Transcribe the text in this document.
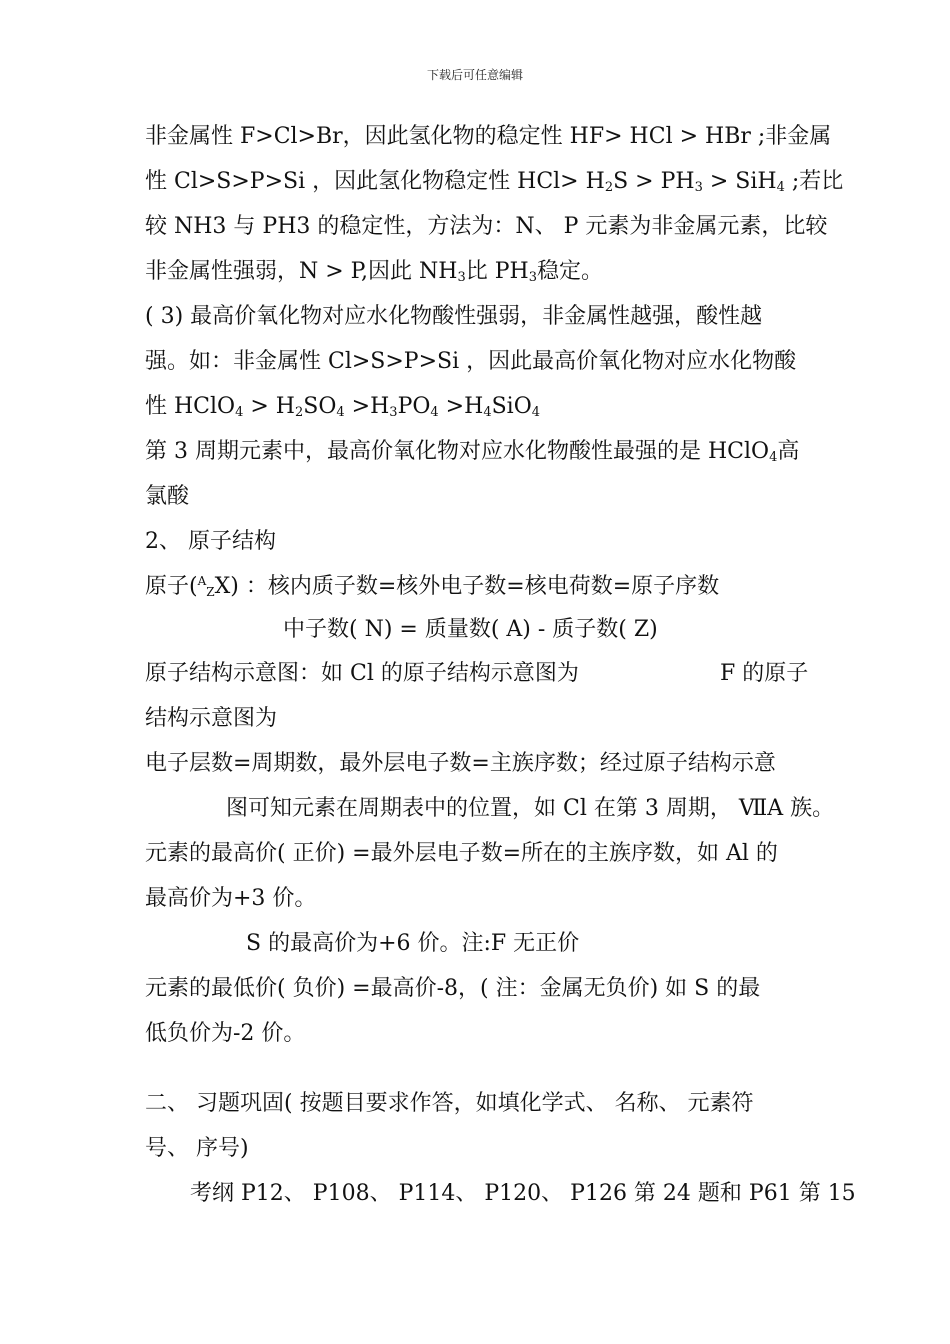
下载后可任意编辑
非金属性 F>Cl>Br，因此氢化物的稳定性 HF> HCl > HBr ;非金属
性 Cl>S>P>Si ，因此氢化物稳定性 $HCl> H_2S > PH_3 > SiH_4$ ;若比
较 NH3 与 PH3 的稳定性，方法为：N、 P 元素为非金属元素，比较
非金属性强弱，N > P,因此 $NH_3$比 $PH_3$稳定。
( 3) 最高价氧化物对应水化物酸性强弱，非金属性越强，酸性越
强。如：非金属性 Cl>S>P>Si ，因此最高价氧化物对应水化物酸
性 HClO$_4$ > $H_2SO_4 >H_3PO_4 >H_4SiO_4$
第 3 周期元素中，最高价氧化物对应水化物酸性最强的是 HClO$_4$高
氯酸
2、 原子结构
原子($^A_Z$X) ：核内质子数=核外电子数=核电荷数=原子序数
中子数( N) = 质量数( A) - 质子数( Z)
原子结构示意图：如 Cl 的原子结构示意图为	F 的原子
结构示意图为
电子层数=周期数，最外层电子数=主族序数；经过原子结构示意
图可知元素在周期表中的位置，如 Cl 在第 3 周期， ⅦA 族。
元素的最高价( 正价) =最外层电子数=所在的主族序数，如 Al 的
最高价为+3 价。
S 的最高价为+6 价。注:F 无正价
元素的最低价( 负价) =最高价-8，( 注：金属无负价) 如 S 的最
低负价为-2 价。
二、 习题巩固( 按题目要求作答，如填化学式、 名称、 元素符
号、 序号)
考纲 P12、 P108、 P114、 P120、 P126 第 24 题和 P61 第 15
